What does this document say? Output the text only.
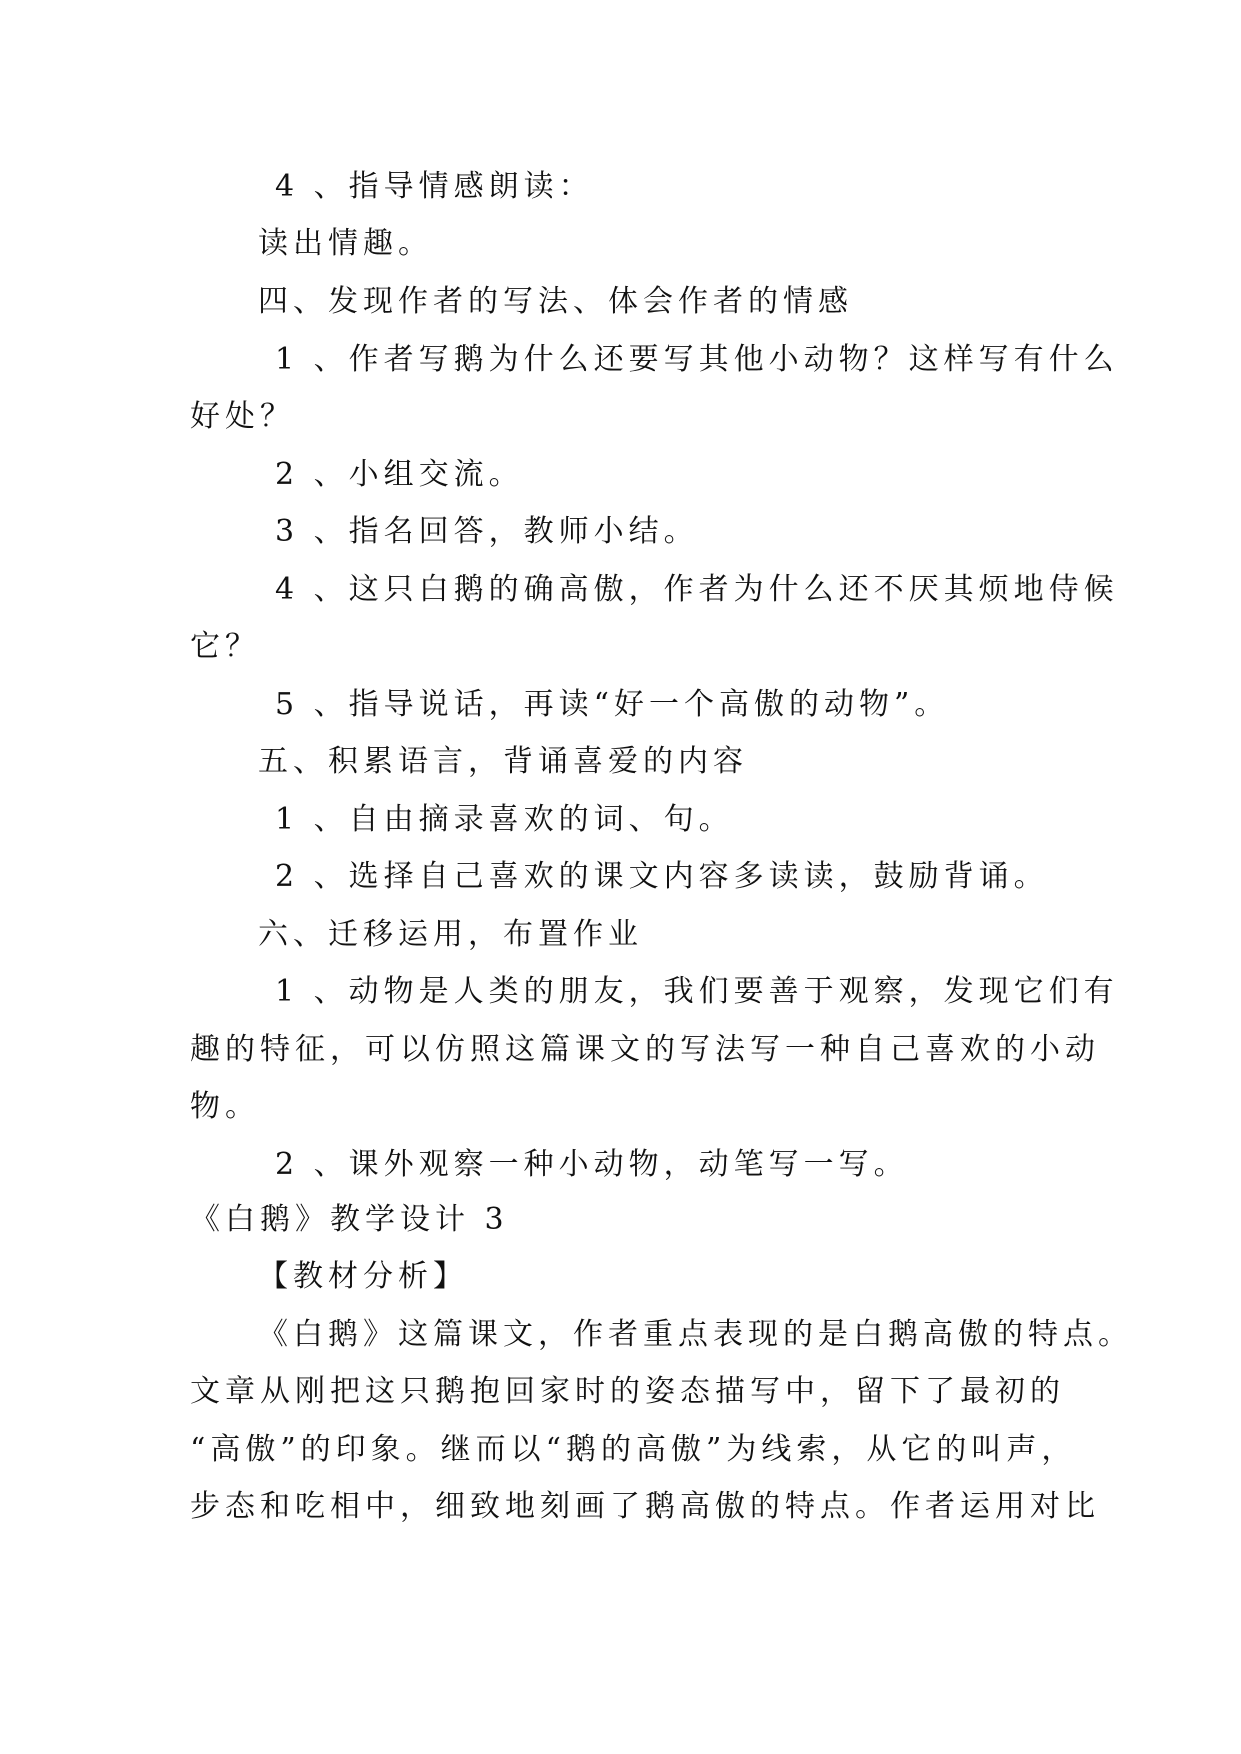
4 、指导情感朗读：
读出情趣。
四、发现作者的写法、体会作者的情感
1 、作者写鹅为什么还要写其他小动物？这样写有什么
好处？
2 、小组交流。
3 、指名回答，教师小结。
4 、这只白鹅的确高傲，作者为什么还不厌其烦地侍候
它？
5 、指导说话，再读“好一个高傲的动物”。
五、积累语言，背诵喜爱的内容
1 、自由摘录喜欢的词、句。
2 、选择自己喜欢的课文内容多读读，鼓励背诵。
六、迁移运用，布置作业
1 、动物是人类的朋友，我们要善于观察，发现它们有
趣的特征，可以仿照这篇课文的写法写一种自己喜欢的小动
物。
2 、课外观察一种小动物，动笔写一写。
《白鹅》教学设计 3
【教材分析】
《白鹅》这篇课文，作者重点表现的是白鹅高傲的特点。
文章从刚把这只鹅抱回家时的姿态描写中，留下了最初的
“高傲”的印象。继而以“鹅的高傲”为线索，从它的叫声，
步态和吃相中，细致地刻画了鹅高傲的特点。作者运用对比
